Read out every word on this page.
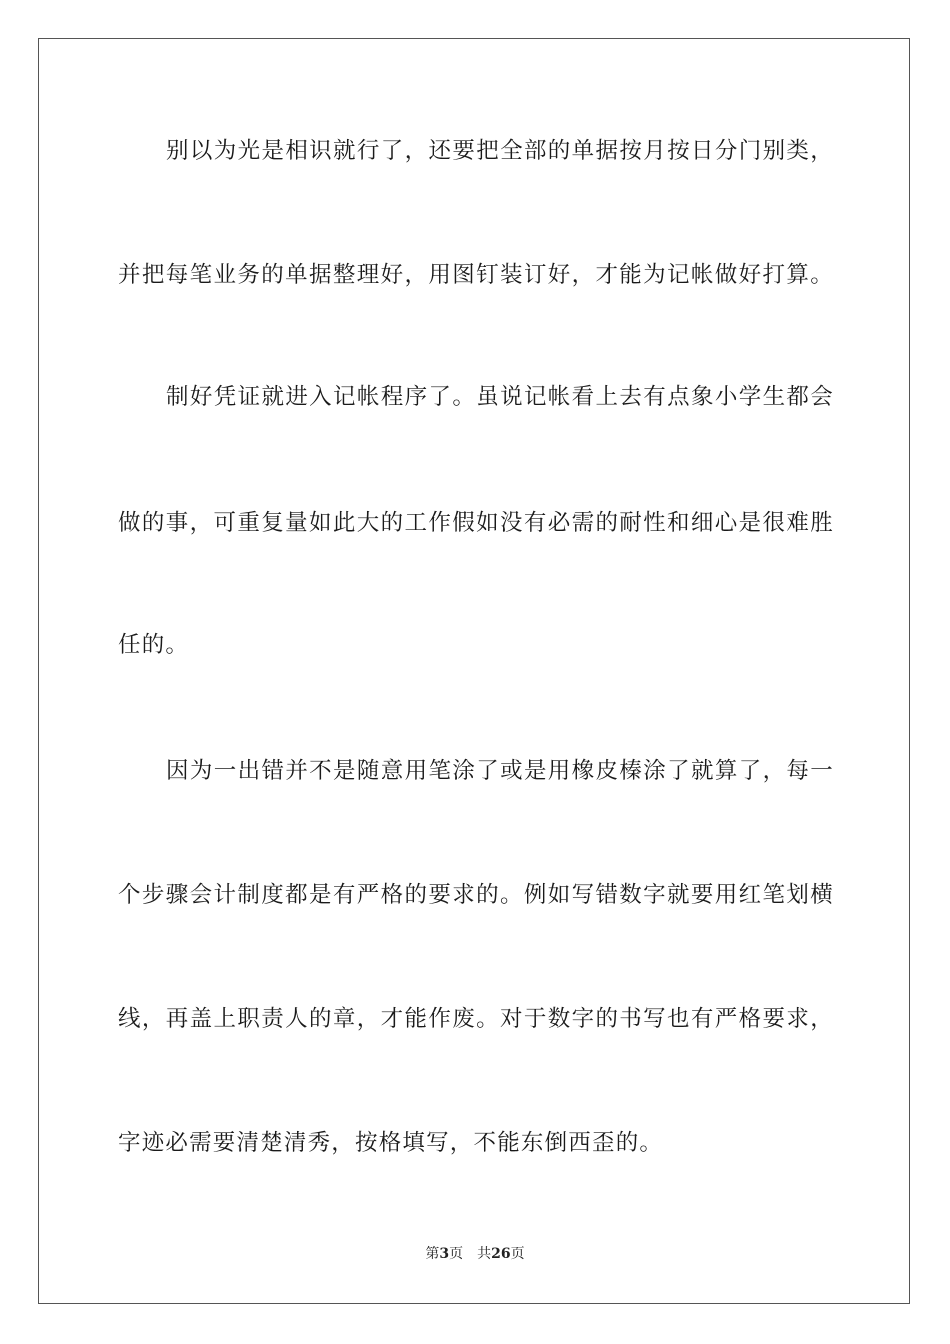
别以为光是相识就行了，还要把全部的单据按月按日分门别类，
并把每笔业务的单据整理好，用图钉装订好，才能为记帐做好打算。
制好凭证就进入记帐程序了。虽说记帐看上去有点象小学生都会
做的事，可重复量如此大的工作假如没有必需的耐性和细心是很难胜
任的。
因为一出错并不是随意用笔涂了或是用橡皮榛涂了就算了，每一
个步骤会计制度都是有严格的要求的。例如写错数字就要用红笔划横
线，再盖上职责人的章，才能作废。对于数字的书写也有严格要求，
字迹必需要清楚清秀，按格填写，不能东倒西歪的。
第3页 共26页
